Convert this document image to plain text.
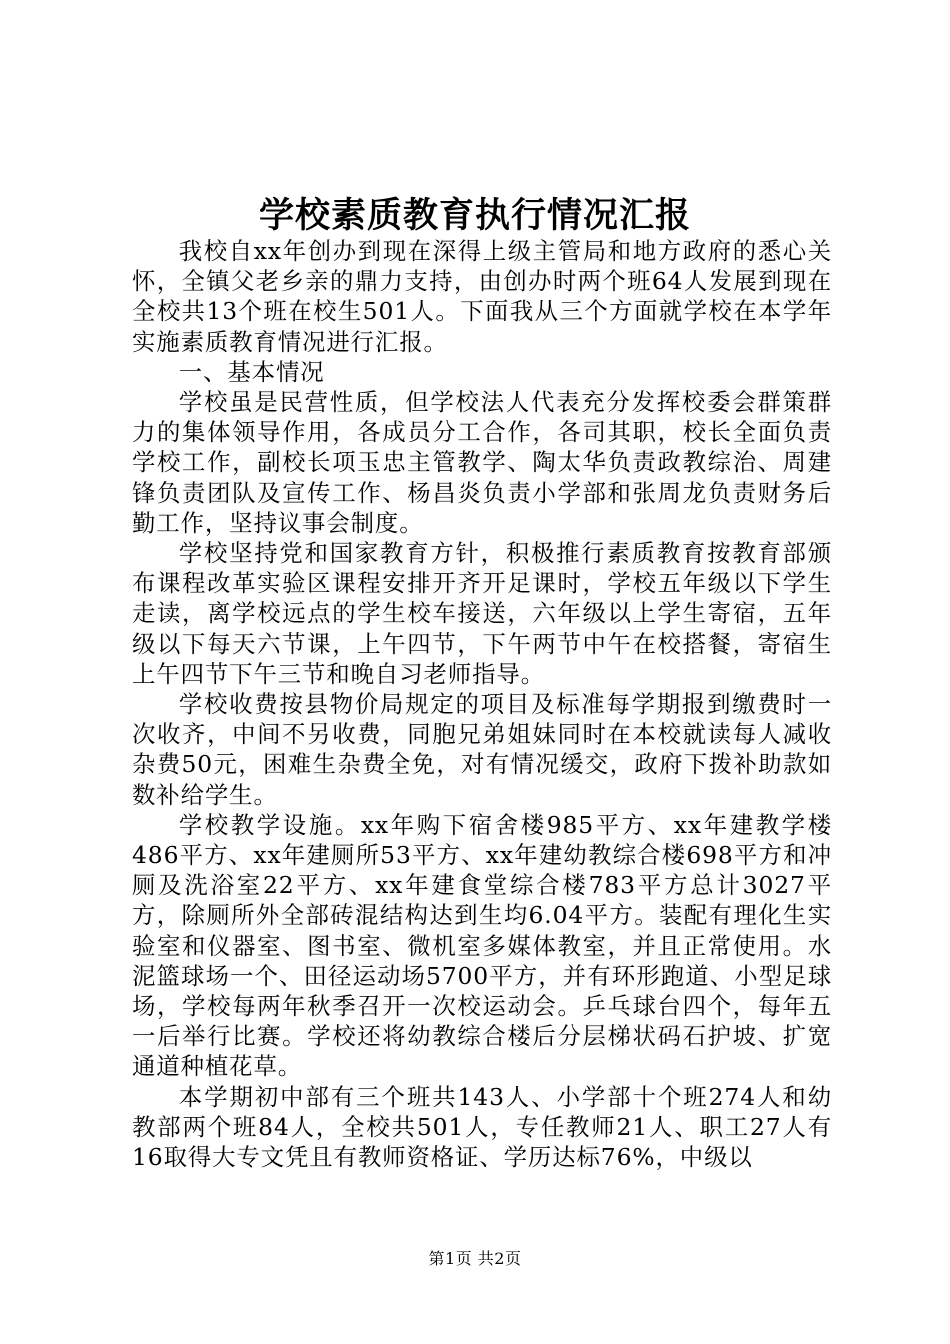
学校素质教育执行情况汇报

我校自xx年创办到现在深得上级主管局和地方政府的悉心关怀，全镇父老乡亲的鼎力支持，由创办时两个班64人发展到现在全校共13个班在校生501人。下面我从三个方面就学校在本学年实施素质教育情况进行汇报。

一、基本情况

学校虽是民营性质，但学校法人代表充分发挥校委会群策群力的集体领导作用，各成员分工合作，各司其职，校长全面负责学校工作，副校长项玉忠主管教学、陶太华负责政教综治、周建锋负责团队及宣传工作、杨昌炎负责小学部和张周龙负责财务后勤工作，坚持议事会制度。

学校坚持党和国家教育方针，积极推行素质教育按教育部颁布课程改革实验区课程安排开齐开足课时，学校五年级以下学生走读，离学校远点的学生校车接送，六年级以上学生寄宿，五年级以下每天六节课，上午四节，下午两节中午在校搭餐，寄宿生上午四节下午三节和晚自习老师指导。

学校收费按县物价局规定的项目及标准每学期报到缴费时一次收齐，中间不另收费，同胞兄弟姐妹同时在本校就读每人减收杂费50元，困难生杂费全免，对有情况缓交，政府下拨补助款如数补给学生。

学校教学设施。xx年购下宿舍楼985平方、xx年建教学楼486平方、xx年建厕所53平方、xx年建幼教综合楼698平方和冲厕及洗浴室22平方、xx年建食堂综合楼783平方总计3027平方，除厕所外全部砖混结构达到生均6.04平方。装配有理化生实验室和仪器室、图书室、微机室多媒体教室，并且正常使用。水泥篮球场一个、田径运动场5700平方，并有环形跑道、小型足球场，学校每两年秋季召开一次校运动会。乒乓球台四个，每年五一后举行比赛。学校还将幼教综合楼后分层梯状码石护坡、扩宽通道种植花草。

本学期初中部有三个班共143人、小学部十个班274人和幼教部两个班84人，全校共501人，专任教师21人、职工27人有16取得大专文凭且有教师资格证、学历达标76%，中级以

第1页 共2页
